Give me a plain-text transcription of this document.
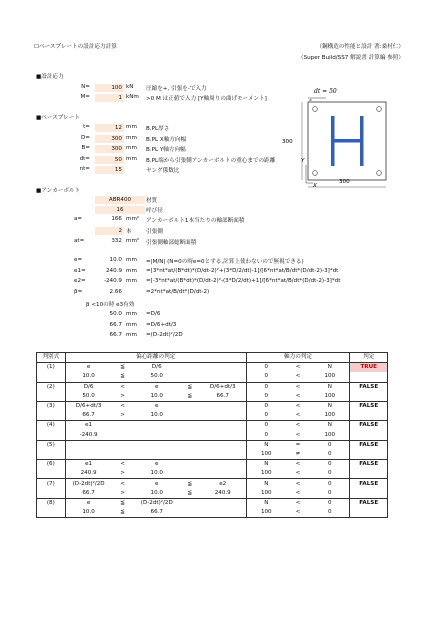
☐ベースプレートの設計応力計算	（鋼構造の性能と設計 著:桑村仁）
（Super Build/SS7 解説書 計算編 参照）
■設計応力
N=	100 kN 圧縮を+, 引張を-で入力
M=	1 kNm >0 M は正値で入力 [Y軸周りの曲げモーメント]
■ベースプレート
t=	12 mm B.PL厚さ
D=	300 mm B.PL X軸方向幅
B=	300 mm B.PL Y軸方向幅
dt=	50 mm B.PL端から引張側アンカーボルトの重心までの距離
nt=	15	ヤング係数比
dt = 50
dt
300
300
Y
X
■アンカーボルト
ABR400	材質
16	呼び径
a=	166 mm² アンカーボルト1本当たりの軸部断面積
2 本	引張側
at=	332 mm² 引張側軸部総断面積
e=	10.0 mm =|M/N| (N=0の時e=0とする,計算上使わないので無視できる)
e1=	240.9 mm =[3*nt*at/(B*dt)*(D/dt-2)²+(3*D/2/dt)-1]/[6*nt*at/B/dt*(D/dt-2)-3]*dt
e2=	-240.9 mm =[-3*nt*at/(B*dt)*(D/dt-2)²-(3*D/2/dt)+1]/[6*nt*at/B/dt*(D/dt-2)-3]*dt
β=	2.66	=2*nt*at/B/dt*(D/dt-2)
β <10の時 e3有効
50.0 mm =D/6
66.7 mm =D/6+dt/3
66.7 mm =(D-2dt)²/2D
判別式	偏心距離の判定					軸力の判定			判定
(1)	e	≦	D/6			0	<	N	TRUE
	10.0	≦	50.0			0	<	100	
(2)	D/6	<	e	≦	D/6+dt/3	0	<	N	FALSE
	50.0	>	10.0	≦	66.7	0	<	100	
(3)	D/6+dt/3	<	e			0	<	N	FALSE
	66.7	>	10.0			0	<	100	
(4)	e1					0	<	N	FALSE
	-240.9					0	<	100	
(5)						N	=	0	FALSE
						100	≠	0	
(6)	e1	<	e			N	<	0	FALSE
	240.9	>	10.0			100	<	0	
(7)	(D-2dt)²/2D	<	e	≦	e2	N	<	0	FALSE
	66.7	>	10.0	≦	240.9	100	<	0	
(8)	e	≦	(D-2dt)²/2D			N	<	0	FALSE
	10.0	≦	66.7			100	<	0	
